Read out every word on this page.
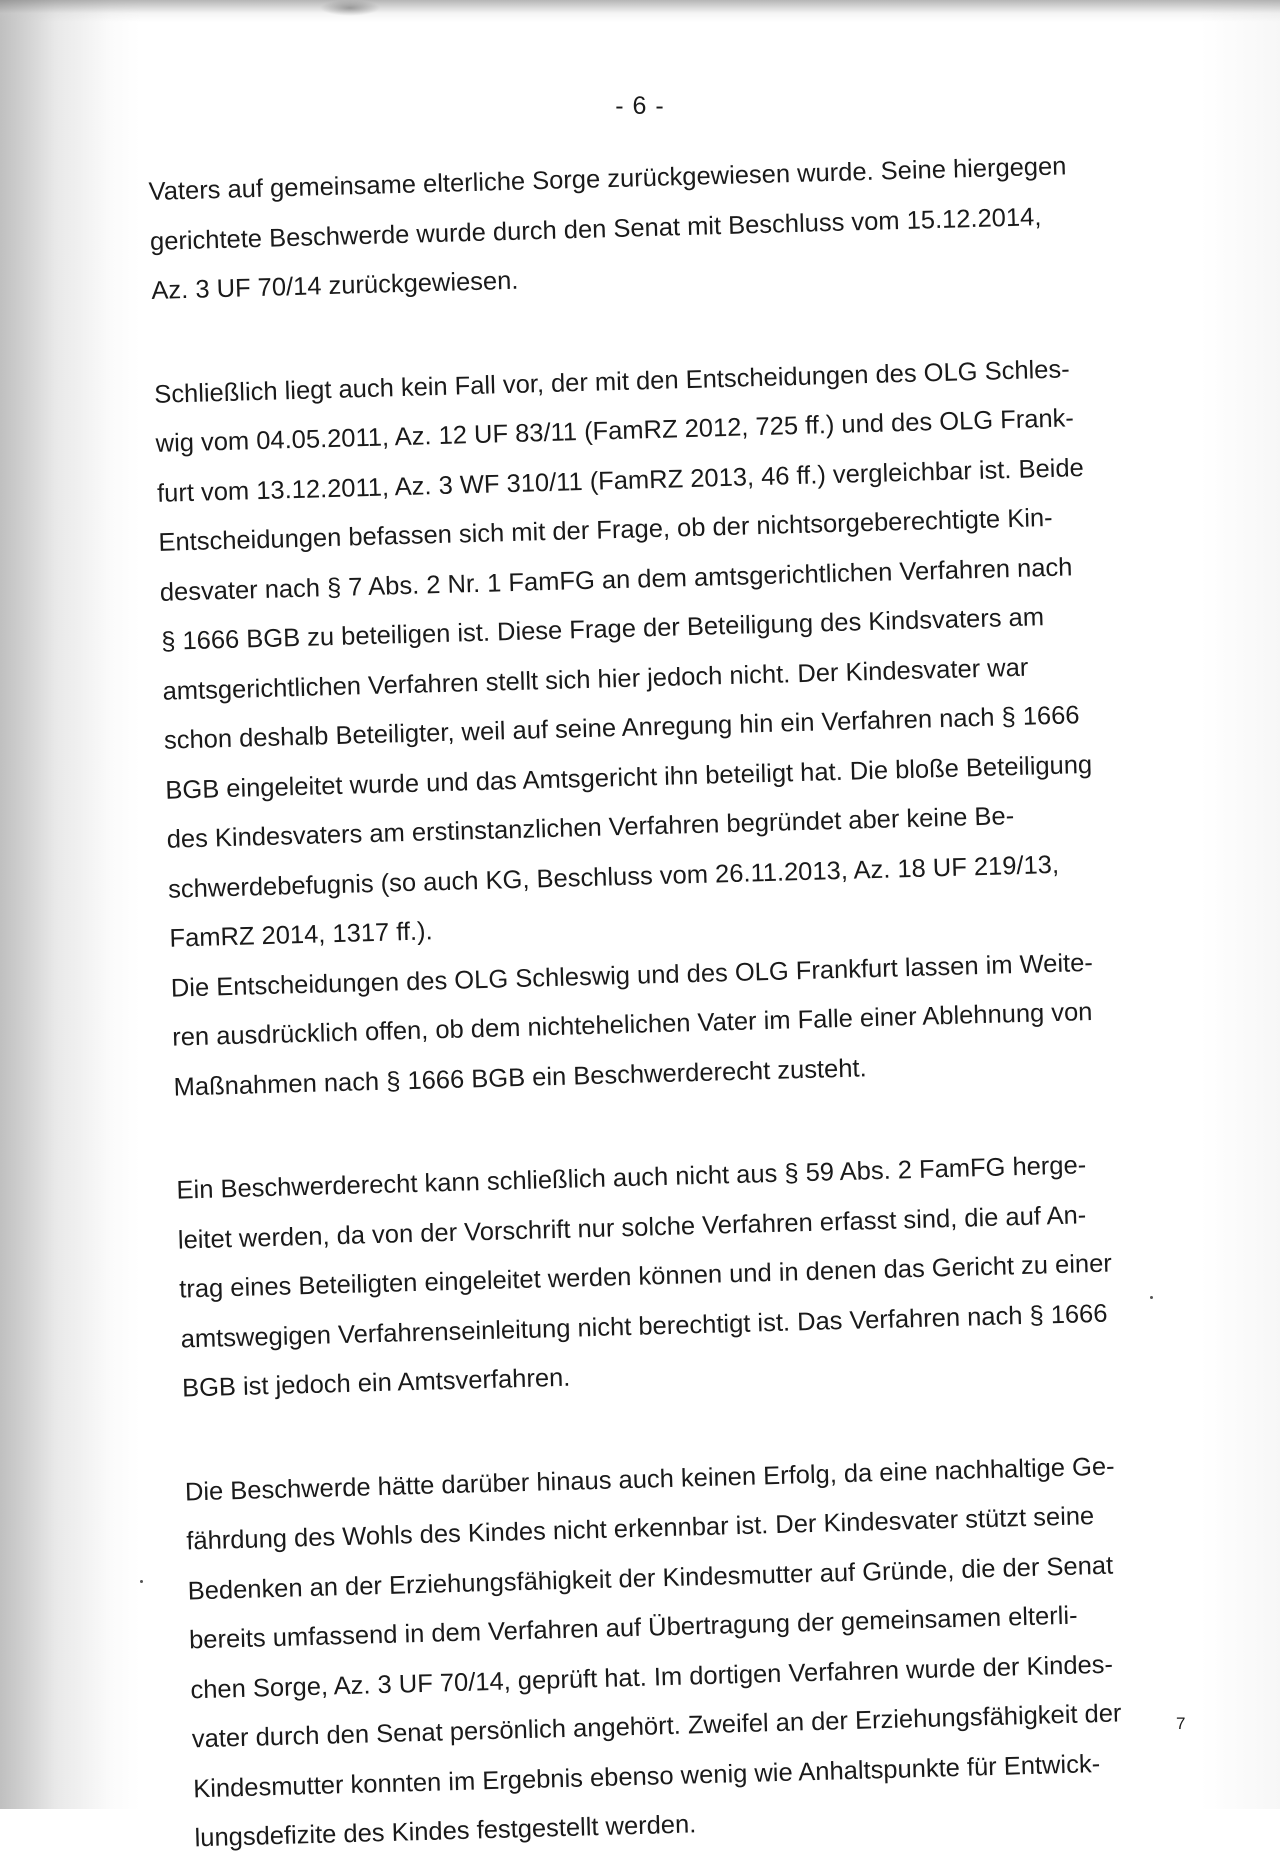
- 6 -

Vaters auf gemeinsame elterliche Sorge zurückgewiesen wurde. Seine hiergegen
gerichtete Beschwerde wurde durch den Senat mit Beschluss vom 15.12.2014,
Az. 3 UF 70/14 zurückgewiesen.

Schließlich liegt auch kein Fall vor, der mit den Entscheidungen des OLG Schles-
wig vom 04.05.2011, Az. 12 UF 83/11 (FamRZ 2012, 725 ff.) und des OLG Frank-
furt vom 13.12.2011, Az. 3 WF 310/11 (FamRZ 2013, 46 ff.) vergleichbar ist. Beide
Entscheidungen befassen sich mit der Frage, ob der nichtsorgeberechtigte Kin-
desvater nach § 7 Abs. 2 Nr. 1 FamFG an dem amtsgerichtlichen Verfahren nach
§ 1666 BGB zu beteiligen ist. Diese Frage der Beteiligung des Kindsvaters am
amtsgerichtlichen Verfahren stellt sich hier jedoch nicht. Der Kindesvater war
schon deshalb Beteiligter, weil auf seine Anregung hin ein Verfahren nach § 1666
BGB eingeleitet wurde und das Amtsgericht ihn beteiligt hat. Die bloße Beteiligung
des Kindesvaters am erstinstanzlichen Verfahren begründet aber keine Be-
schwerdebefugnis (so auch KG, Beschluss vom 26.11.2013, Az. 18 UF 219/13,
FamRZ 2014, 1317 ff.).
Die Entscheidungen des OLG Schleswig und des OLG Frankfurt lassen im Weite-
ren ausdrücklich offen, ob dem nichtehelichen Vater im Falle einer Ablehnung von
Maßnahmen nach § 1666 BGB ein Beschwerderecht zusteht.

Ein Beschwerderecht kann schließlich auch nicht aus § 59 Abs. 2 FamFG herge-
leitet werden, da von der Vorschrift nur solche Verfahren erfasst sind, die auf An-
trag eines Beteiligten eingeleitet werden können und in denen das Gericht zu einer
amtswegigen Verfahrenseinleitung nicht berechtigt ist. Das Verfahren nach § 1666
BGB ist jedoch ein Amtsverfahren.

Die Beschwerde hätte darüber hinaus auch keinen Erfolg, da eine nachhaltige Ge-
fährdung des Wohls des Kindes nicht erkennbar ist. Der Kindesvater stützt seine
Bedenken an der Erziehungsfähigkeit der Kindesmutter auf Gründe, die der Senat
bereits umfassend in dem Verfahren auf Übertragung der gemeinsamen elterli-
chen Sorge, Az. 3 UF 70/14, geprüft hat. Im dortigen Verfahren wurde der Kindes-
vater durch den Senat persönlich angehört. Zweifel an der Erziehungsfähigkeit der
Kindesmutter konnten im Ergebnis ebenso wenig wie Anhaltspunkte für Entwick-
lungsdefizite des Kindes festgestellt werden.

7
